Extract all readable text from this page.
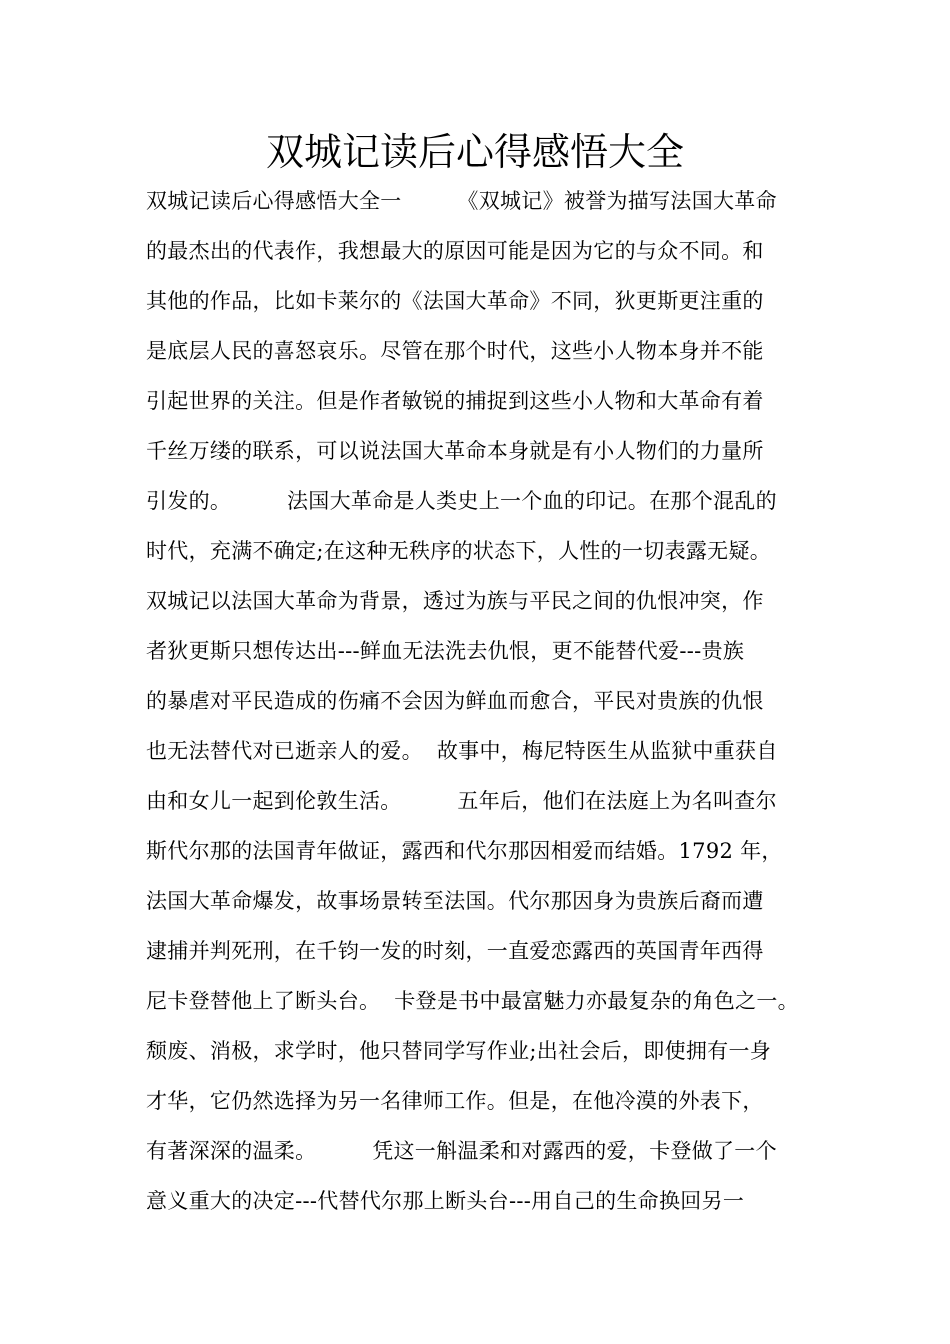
双城记读后心得感悟大全
双城记读后心得感悟大全一        《双城记》被誉为描写法国大革命
的最杰出的代表作，我想最大的原因可能是因为它的与众不同。和
其他的作品，比如卡莱尔的《法国大革命》不同，狄更斯更注重的
是底层人民的喜怒哀乐。尽管在那个时代，这些小人物本身并不能
引起世界的关注。但是作者敏锐的捕捉到这些小人物和大革命有着
千丝万缕的联系，可以说法国大革命本身就是有小人物们的力量所
引发的。        法国大革命是人类史上一个血的印记。在那个混乱的
时代，充满不确定;在这种无秩序的状态下，人性的一切表露无疑。
双城记以法国大革命为背景，透过为族与平民之间的仇恨冲突，作
者狄更斯只想传达出---鲜血无法洗去仇恨，更不能替代爱---贵族
的暴虐对平民造成的伤痛不会因为鲜血而愈合，平民对贵族的仇恨
也无法替代对已逝亲人的爱。  故事中，梅尼特医生从监狱中重获自
由和女儿一起到伦敦生活。        五年后，他们在法庭上为名叫查尔
斯代尔那的法国青年做证，露西和代尔那因相爱而结婚。1792 年，
法国大革命爆发，故事场景转至法国。代尔那因身为贵族后裔而遭
逮捕并判死刑，在千钧一发的时刻，一直爱恋露西的英国青年西得
尼卡登替他上了断头台。  卡登是书中最富魅力亦最复杂的角色之一。
颓废、消极，求学时，他只替同学写作业;出社会后，即使拥有一身
才华，它仍然选择为另一名律师工作。但是，在他冷漠的外表下，
有著深深的温柔。        凭这一斛温柔和对露西的爱，卡登做了一个
意义重大的决定---代替代尔那上断头台---用自己的生命换回另一
